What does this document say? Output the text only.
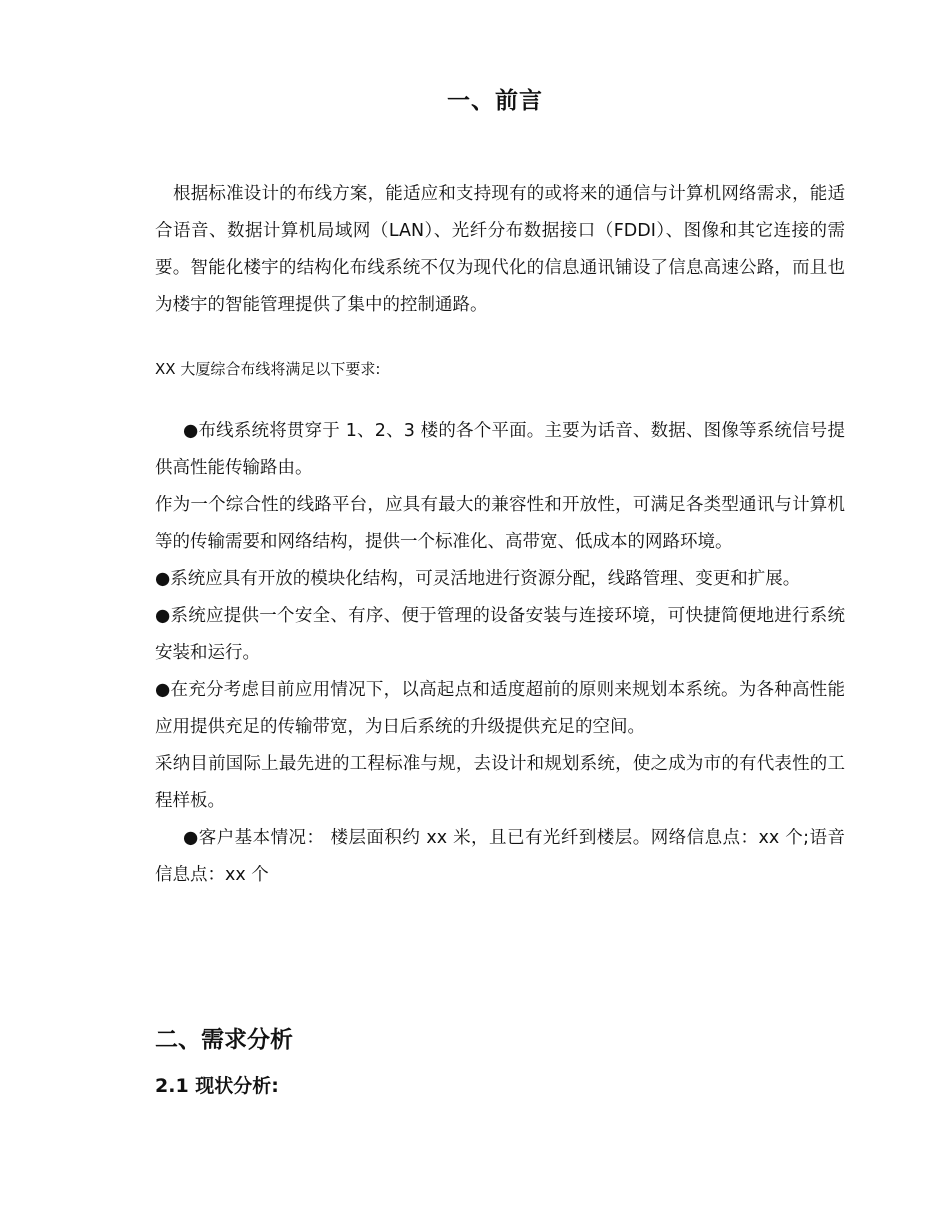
一、前言

根据标准设计的布线方案，能适应和支持现有的或将来的通信与计算机网络需求，能适合语音、数据计算机局域网（LAN）、光纤分布数据接口（FDDI）、图像和其它连接的需要。智能化楼宇的结构化布线系统不仅为现代化的信息通讯铺设了信息高速公路，而且也为楼宇的智能管理提供了集中的控制通路。

XX 大厦综合布线将满足以下要求:

●布线系统将贯穿于 1、2、3 楼的各个平面。主要为话音、数据、图像等系统信号提供高性能传输路由。

作为一个综合性的线路平台，应具有最大的兼容性和开放性，可满足各类型通讯与计算机等的传输需要和网络结构，提供一个标准化、高带宽、低成本的网路环境。

●系统应具有开放的模块化结构，可灵活地进行资源分配，线路管理、变更和扩展。

●系统应提供一个安全、有序、便于管理的设备安装与连接环境，可快捷简便地进行系统安装和运行。

●在充分考虑目前应用情况下，以高起点和适度超前的原则来规划本系统。为各种高性能应用提供充足的传输带宽，为日后系统的升级提供充足的空间。

采纳目前国际上最先进的工程标准与规，去设计和规划系统，使之成为市的有代表性的工程样板。

●客户基本情况： 楼层面积约 xx 米，且已有光纤到楼层。网络信息点：xx 个;语音信息点：xx 个

二、需求分析
2.1 现状分析:
